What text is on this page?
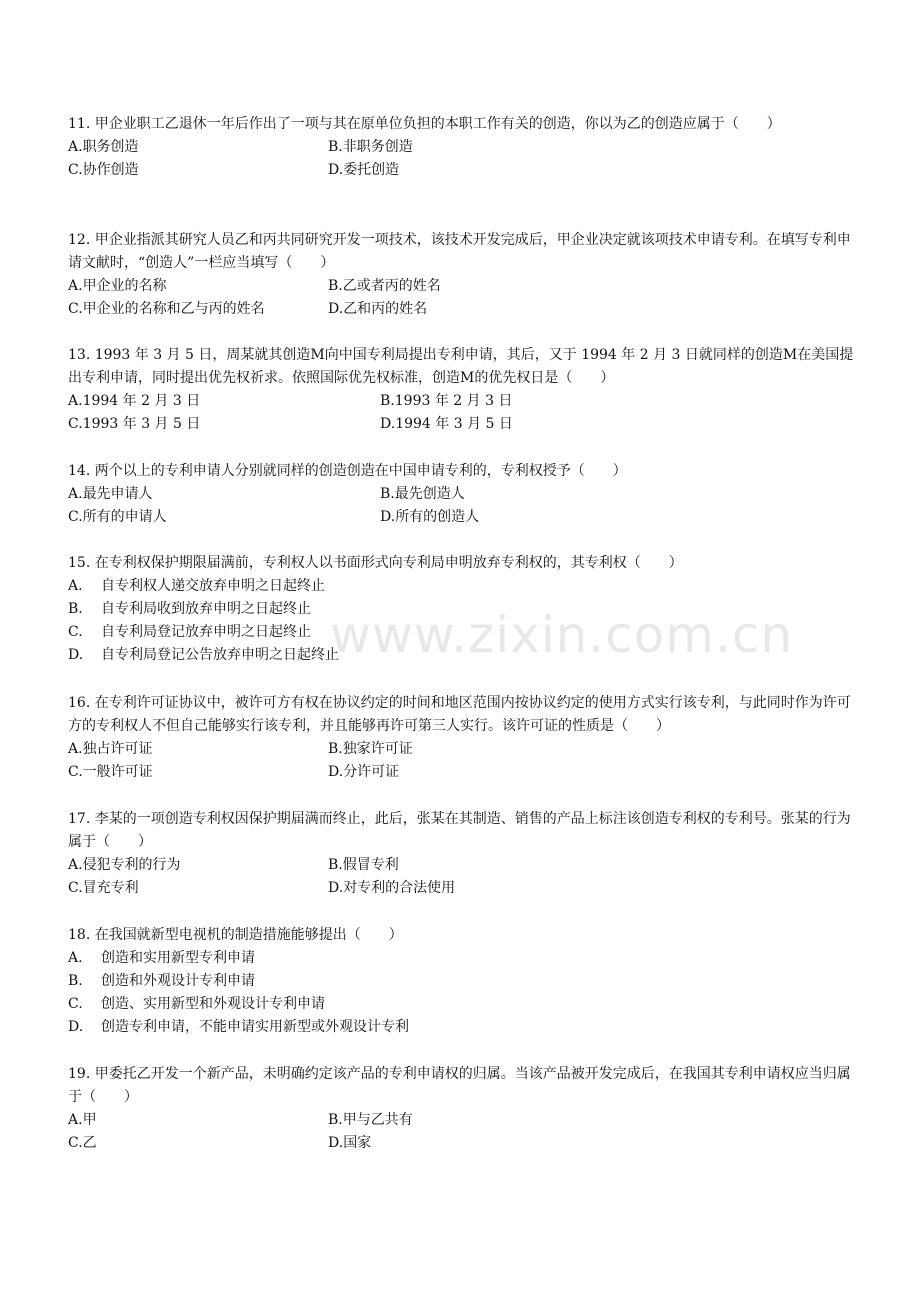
www.zixin.com.cn

11. 甲企业职工乙退休一年后作出了一项与其在原单位负担的本职工作有关的创造，你以为乙的创造应属于（　　）

A.职务创造	B.非职务创造
C.协作创造	D.委托创造

12. 甲企业指派其研究人员乙和丙共同研究开发一项技术，该技术开发完成后，甲企业决定就该项技术申请专利。在填写专利申请文献时，“创造人”一栏应当填写（　　）

A.甲企业的名称	B.乙或者丙的姓名
C.甲企业的名称和乙与丙的姓名	D.乙和丙的姓名

13. 1993 年 3 月 5 日，周某就其创造M向中国专利局提出专利申请，其后，又于 1994 年 2 月 3 日就同样的创造M在美国提出专利申请，同时提出优先权祈求。依照国际优先权标准，创造M的优先权日是（　　）

A.1994 年 2 月 3 日	B.1993 年 2 月 3 日
C.1993 年 3 月 5 日	D.1994 年 3 月 5 日

14. 两个以上的专利申请人分别就同样的创造创造在中国申请专利的，专利权授予（　　）

A.最先申请人	B.最先创造人
C.所有的申请人	D.所有的创造人

15. 在专利权保护期限届满前，专利权人以书面形式向专利局申明放弃专利权的，其专利权（　　）

A. 自专利权人递交放弃申明之日起终止
B. 自专利局收到放弃申明之日起终止
C. 自专利局登记放弃申明之日起终止
D. 自专利局登记公告放弃申明之日起终止

16. 在专利许可证协议中，被许可方有权在协议约定的时间和地区范围内按协议约定的使用方式实行该专利，与此同时作为许可方的专利权人不但自己能够实行该专利，并且能够再许可第三人实行。该许可证的性质是（　　）

A.独占许可证	B.独家许可证
C.一般许可证	D.分许可证

17. 李某的一项创造专利权因保护期届满而终止，此后，张某在其制造、销售的产品上标注该创造专利权的专利号。张某的行为属于（　　）

A.侵犯专利的行为	B.假冒专利
C.冒充专利	D.对专利的合法使用

18. 在我国就新型电视机的制造措施能够提出（　　）

A. 创造和实用新型专利申请
B. 创造和外观设计专利申请
C. 创造、实用新型和外观设计专利申请
D. 创造专利申请，不能申请实用新型或外观设计专利

19. 甲委托乙开发一个新产品，未明确约定该产品的专利申请权的归属。当该产品被开发完成后，在我国其专利申请权应当归属于（　　）

A.甲	B.甲与乙共有
C.乙	D.国家
